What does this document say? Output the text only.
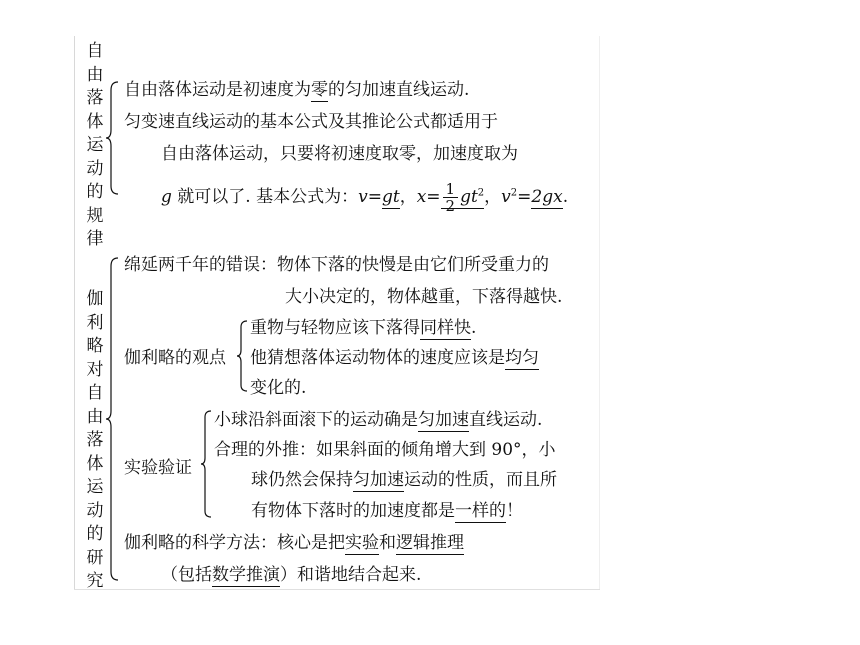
自由落体运动的规律
自由落体运动是初速度为零的匀加速直线运动.
匀变速直线运动的基本公式及其推论公式都适用于
自由落体运动，只要将初速度取零，加速度取为
g 就可以了. 基本公式为：v=gt，$x= \frac{1}{2} gt^2$，$v^2=2gx$.
伽利略对自由落体运动的研究
绵延两千年的错误：物体下落的快慢是由它们所受重力的
大小决定的，物体越重，下落得越快.
伽利略的观点
重物与轻物应该下落得同样快.
他猜想落体运动物体的速度应该是均匀
变化的.
实验验证
小球沿斜面滚下的运动确是匀加速直线运动.
合理的外推：如果斜面的倾角增大到 90°，小
球仍然会保持匀加速运动的性质，而且所
有物体下落时的加速度都是一样的！
伽利略的科学方法：核心是把实验和逻辑推理
（包括数学推演）和谐地结合起来.
